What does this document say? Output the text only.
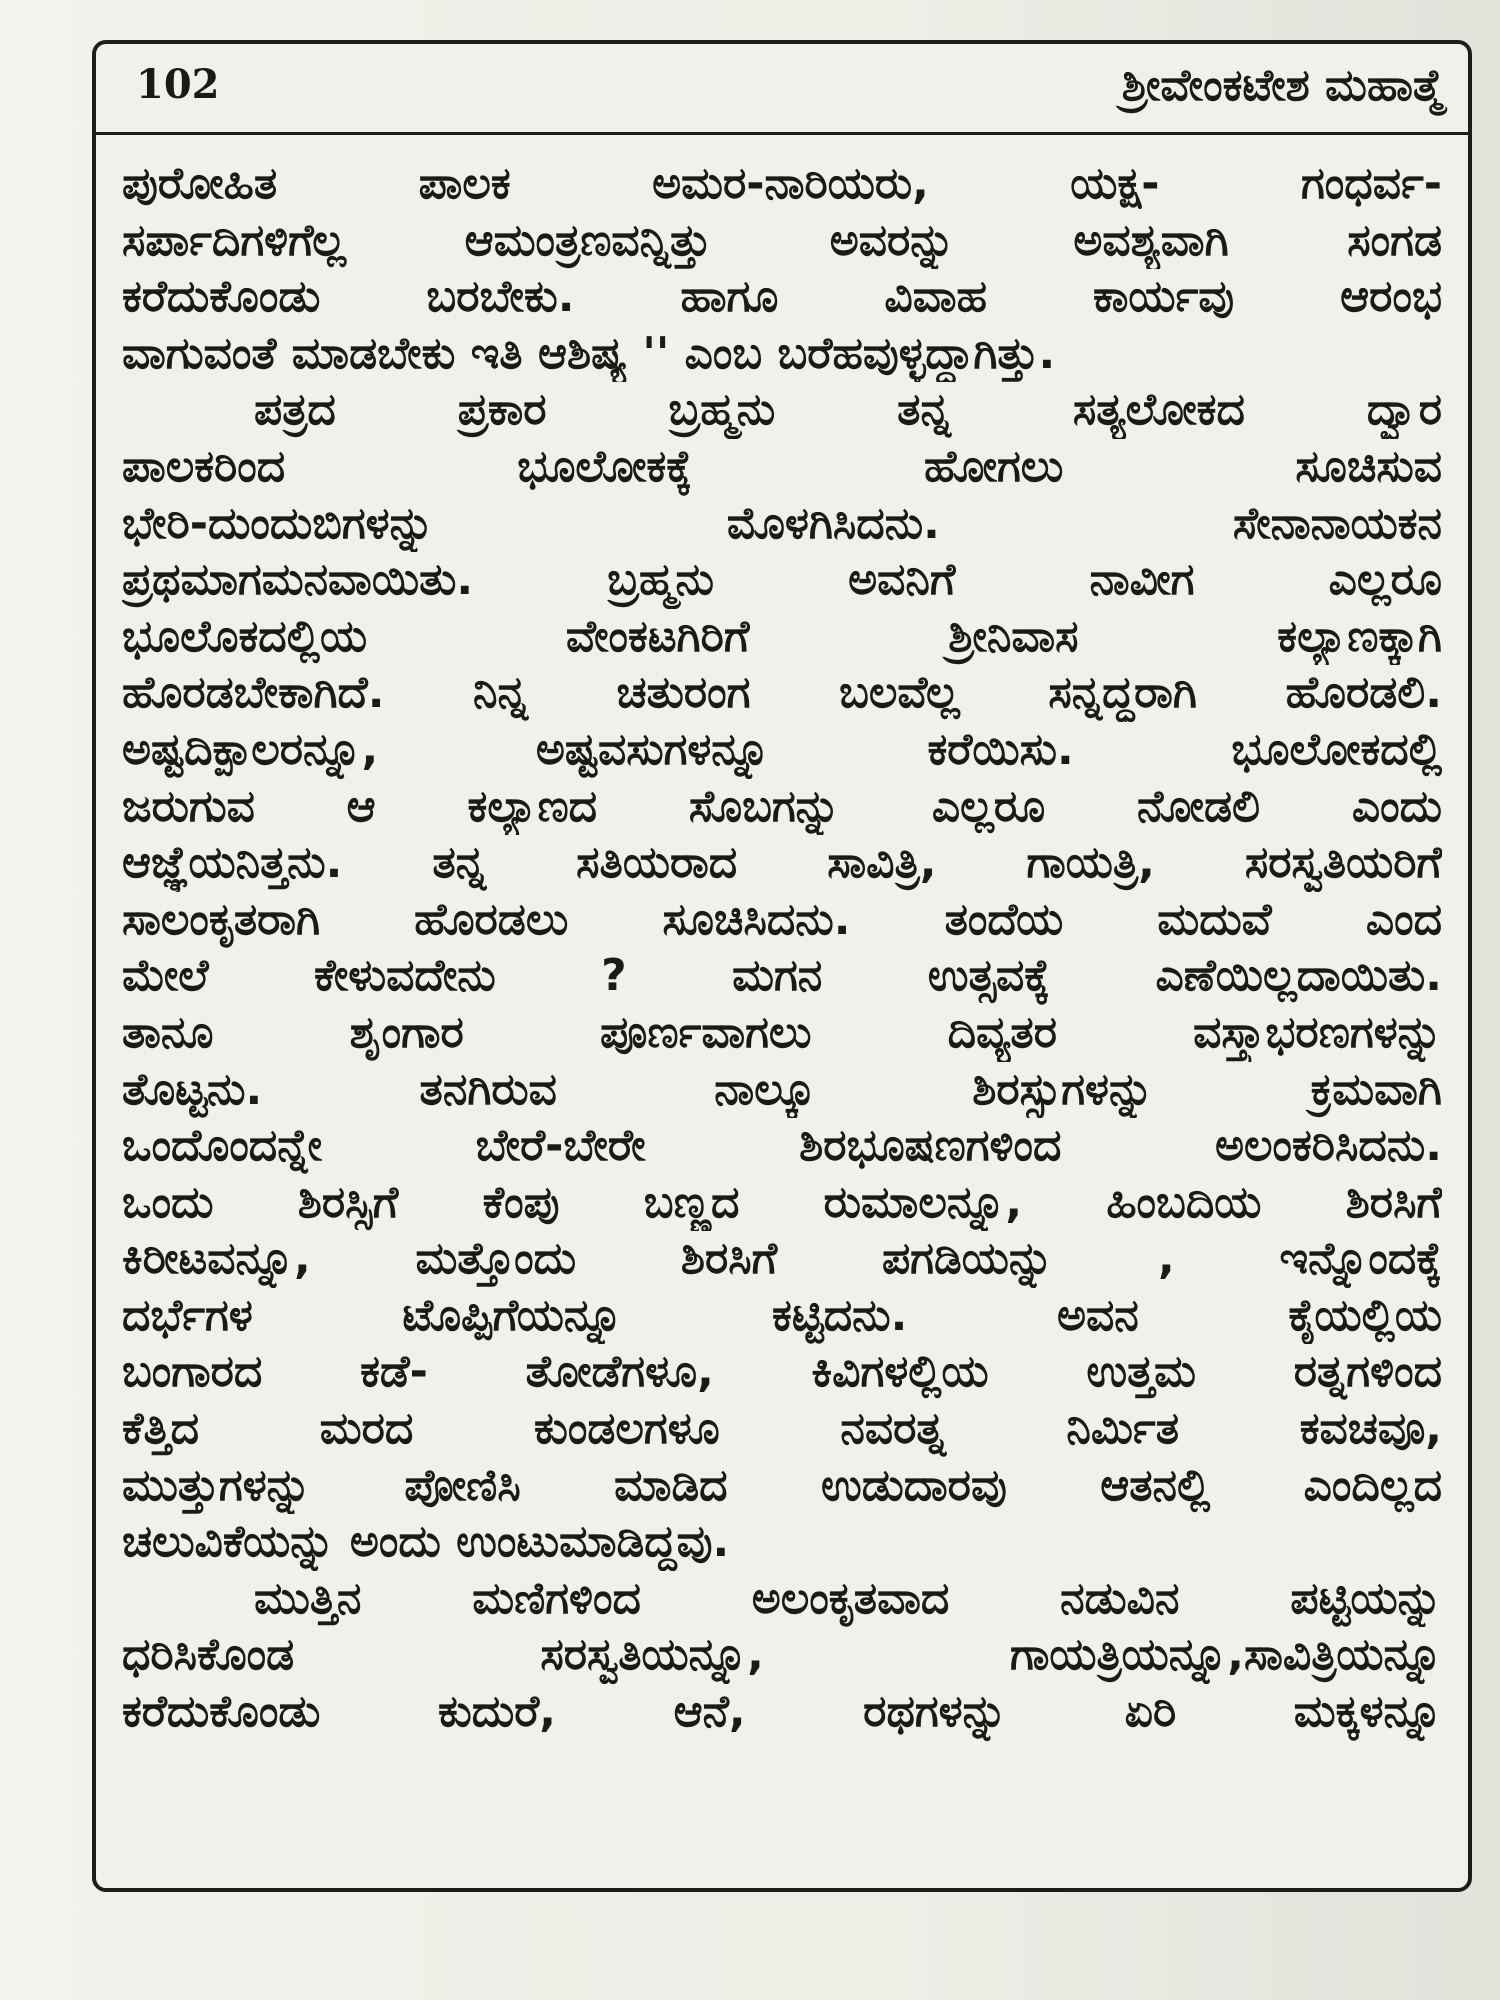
102	ಶ್ರೀವೇಂಕಟೇಶ ಮಹಾತ್ಮೆ
ಪುರೋಹಿತ ಪಾಲಕ ಅಮರ-ನಾರಿಯರು, ಯಕ್ಷ- ಗಂಧರ್ವ-
ಸರ್ಪಾದಿಗಳಿಗೆಲ್ಲ ಆಮಂತ್ರಣವನ್ನಿತ್ತು ಅವರನ್ನು ಅವಶ್ಯವಾಗಿ ಸಂಗಡ
ಕರೆದುಕೊಂಡು ಬರಬೇಕು. ಹಾಗೂ ವಿವಾಹ ಕಾರ್ಯವು ಆರಂಭ
ವಾಗುವಂತೆ ಮಾಡಬೇಕು ಇತಿ ಆಶಿಷ್ಯ '' ಎಂಬ ಬರೆಹವುಳ್ಳದ್ದಾಗಿತ್ತು.
ಪತ್ರದ ಪ್ರಕಾರ ಬ್ರಹ್ಮನು ತನ್ನ ಸತ್ಯಲೋಕದ ದ್ವಾರ
ಪಾಲಕರಿಂದ ಭೂಲೋಕಕ್ಕೆ ಹೋಗಲು ಸೂಚಿಸುವ
ಭೇರಿ-ದುಂದುಬಿಗಳನ್ನು ಮೊಳಗಿಸಿದನು. ಸೇನಾನಾಯಕನ
ಪ್ರಥಮಾಗಮನವಾಯಿತು. ಬ್ರಹ್ಮನು ಅವನಿಗೆ ನಾವೀಗ ಎಲ್ಲರೂ
ಭೂಲೊಕದಲ್ಲಿಯ ವೇಂಕಟಗಿರಿಗೆ ಶ್ರೀನಿವಾಸ ಕಲ್ಯಾಣಕ್ಕಾಗಿ
ಹೊರಡಬೇಕಾಗಿದೆ. ನಿನ್ನ ಚತುರಂಗ ಬಲವೆಲ್ಲ ಸನ್ನದ್ಧರಾಗಿ ಹೊರಡಲಿ.
ಅಷ್ಟದಿಕ್ಪಾಲರನ್ನೂ, ಅಷ್ಟವಸುಗಳನ್ನೂ ಕರೆಯಿಸು. ಭೂಲೋಕದಲ್ಲಿ
ಜರುಗುವ ಆ ಕಲ್ಯಾಣದ ಸೊಬಗನ್ನು ಎಲ್ಲರೂ ನೋಡಲಿ ಎಂದು
ಆಜ್ಞೆಯನಿತ್ತನು. ತನ್ನ ಸತಿಯರಾದ ಸಾವಿತ್ರಿ, ಗಾಯತ್ರಿ, ಸರಸ್ವತಿಯರಿಗೆ
ಸಾಲಂಕೃತರಾಗಿ ಹೊರಡಲು ಸೂಚಿಸಿದನು. ತಂದೆಯ ಮದುವೆ ಎಂದ
ಮೇಲೆ ಕೇಳುವದೇನು ? ಮಗನ ಉತ್ಸವಕ್ಕೆ ಎಣೆಯಿಲ್ಲದಾಯಿತು.
ತಾನೂ ಶೃಂಗಾರ ಪೂರ್ಣವಾಗಲು ದಿವ್ಯತರ ವಸ್ತ್ರಾಭರಣಗಳನ್ನು
ತೊಟ್ಟನು. ತನಗಿರುವ ನಾಲ್ಕೂ ಶಿರಸ್ಸುಗಳನ್ನು ಕ್ರಮವಾಗಿ
ಒಂದೊಂದನ್ನೇ ಬೇರೆ-ಬೇರೇ ಶಿರಭೂಷಣಗಳಿಂದ ಅಲಂಕರಿಸಿದನು.
ಒಂದು ಶಿರಸ್ಸಿಗೆ ಕೆಂಪು ಬಣ್ಣದ ರುಮಾಲನ್ನೂ, ಹಿಂಬದಿಯ ಶಿರಸಿಗೆ
ಕಿರೀಟವನ್ನೂ, ಮತ್ತೊಂದು ಶಿರಸಿಗೆ ಪಗಡಿಯನ್ನು , ಇನ್ನೊಂದಕ್ಕೆ
ದರ್ಭೆಗಳ ಟೊಪ್ಪಿಗೆಯನ್ನೂ ಕಟ್ಟಿದನು. ಅವನ ಕೈಯಲ್ಲಿಯ
ಬಂಗಾರದ ಕಡೆ- ತೋಡೆಗಳೂ, ಕಿವಿಗಳಲ್ಲಿಯ ಉತ್ತಮ ರತ್ನಗಳಿಂದ
ಕೆತ್ತಿದ ಮರದ ಕುಂಡಲಗಳೂ ನವರತ್ನ ನಿರ್ಮಿತ ಕವಚವೂ,
ಮುತ್ತುಗಳನ್ನು ಪೋಣಿಸಿ ಮಾಡಿದ ಉಡುದಾರವು ಆತನಲ್ಲಿ ಎಂದಿಲ್ಲದ
ಚಲುವಿಕೆಯನ್ನು ಅಂದು ಉಂಟುಮಾಡಿದ್ದವು.
ಮುತ್ತಿನ ಮಣಿಗಳಿಂದ ಅಲಂಕೃತವಾದ ನಡುವಿನ ಪಟ್ಟಿಯನ್ನು
ಧರಿಸಿಕೊಂಡ ಸರಸ್ವತಿಯನ್ನೂ, ಗಾಯತ್ರಿಯನ್ನೂ,ಸಾವಿತ್ರಿಯನ್ನೂ
ಕರೆದುಕೊಂಡು ಕುದುರೆ, ಆನೆ, ರಥಗಳನ್ನು ಏರಿ ಮಕ್ಕಳನ್ನೂ
